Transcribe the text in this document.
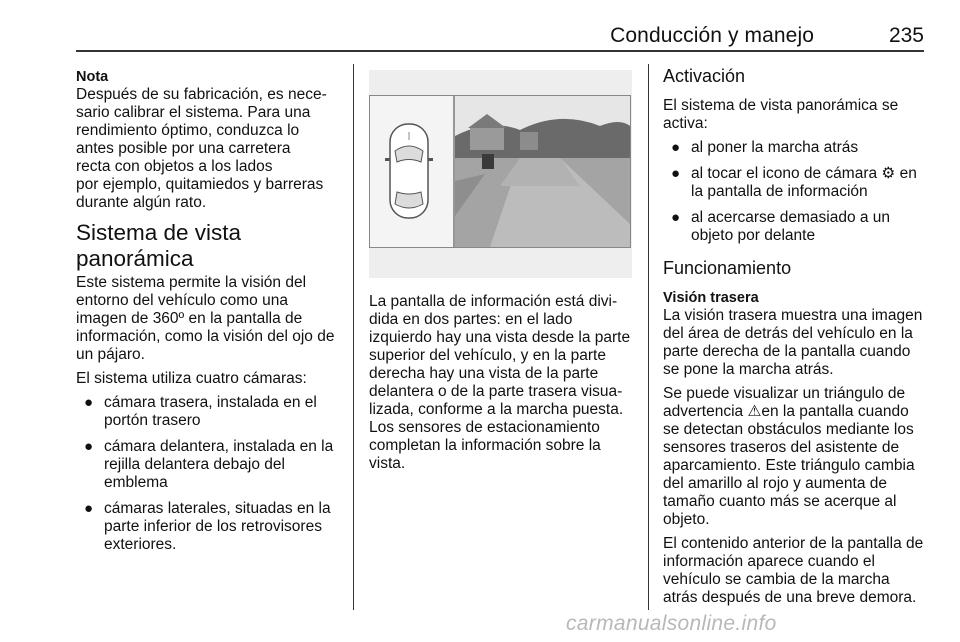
Conducción y manejo	235
Nota

Después de su fabricación, es nece-
sario calibrar el sistema. Para una
rendimiento óptimo, conduzca lo
antes posible por una carretera
recta con objetos a los lados
por ejemplo, quitamiedos y barreras
durante algún rato.

Sistema de vista
panorámica

Este sistema permite la visión del
entorno del vehículo como una
imagen de 360º en la pantalla de
información, como la visión del ojo de
un pájaro.

El sistema utiliza cuatro cámaras:

● cámara trasera, instalada en el
portón trasero
● cámara delantera, instalada en la
rejilla delantera debajo del
emblema
● cámaras laterales, situadas en la
parte inferior de los retrovisores
exteriores.

La pantalla de información está divi-
dida en dos partes: en el lado
izquierdo hay una vista desde la parte
superior del vehículo, y en la parte
derecha hay una vista de la parte
delantera o de la parte trasera visua-
lizada, conforme a la marcha puesta.
Los sensores de estacionamiento
completan la información sobre la
vista.

Activación

El sistema de vista panorámica se
activa:

● al poner la marcha atrás
● al tocar el icono de cámara ⚙ en
la pantalla de información
● al acercarse demasiado a un
objeto por delante
Funcionamiento
Visión trasera

La visión trasera muestra una imagen
del área de detrás del vehículo en la
parte derecha de la pantalla cuando
se pone la marcha atrás.

Se puede visualizar un triángulo de
advertencia ⚠en la pantalla cuando
se detectan obstáculos mediante los
sensores traseros del asistente de
aparcamiento. Este triángulo cambia
del amarillo al rojo y aumenta de
tamaño cuanto más se acerque al
objeto.

El contenido anterior de la pantalla de
información aparece cuando el
vehículo se cambia de la marcha
atrás después de una breve demora.

carmanualsonline.info
